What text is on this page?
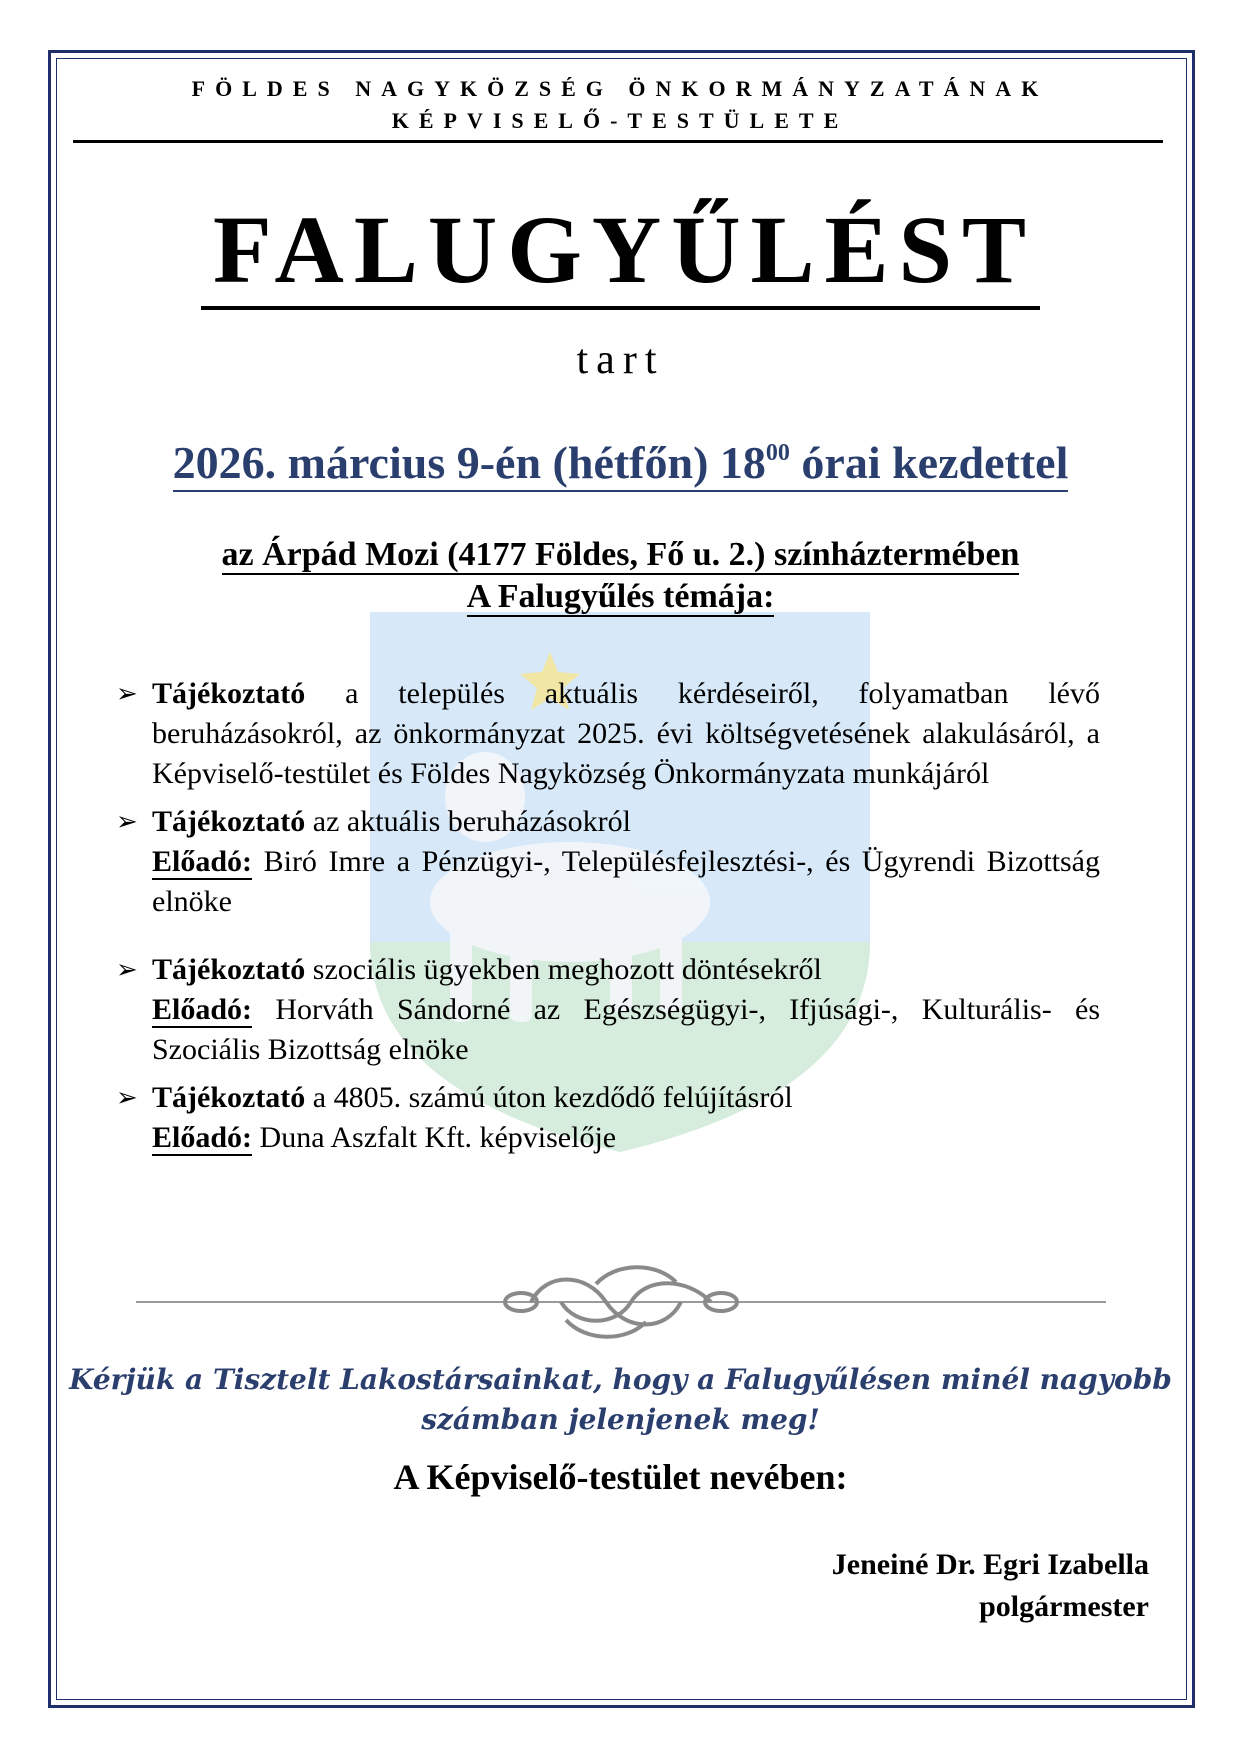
FÖLDES NAGYKÖZSÉG ÖNKORMÁNYZATÁNAK
KÉPVISELŐ-TESTÜLETE
FALUGYŰLÉST
tart
2026. március 9-én (hétfőn) $18^{00}$ órai kezdettel
az Árpád Mozi (4177 Földes, Fő u. 2.) színháztermében
A Falugyűlés témája:
➢ Tájékoztató a település aktuális kérdéseiről, folyamatban lévő beruházásokról, az önkormányzat 2025. évi költségvetésének alakulásáról, a Képviselő-testület és Földes Nagyközség Önkormányzata munkájáról

➢ Tájékoztató az aktuális beruházásokról

Előadó: Biró Imre a Pénzügyi-, Településfejlesztési-, és Ügyrendi Bizottság elnöke

➢ Tájékoztató szociális ügyekben meghozott döntésekről

Előadó: Horváth Sándorné az Egészségügyi-, Ifjúsági-, Kulturális- és Szociális Bizottság elnöke

➢ Tájékoztató a 4805. számú úton kezdődő felújításról

Előadó: Duna Aszfalt Kft. képviselője

Kérjük a Tisztelt Lakostársainkat, hogy a Falugyűlésen minél nagyobb
számban jelenjenek meg!
A Képviselő-testület nevében:
Jeneiné Dr. Egri Izabella
polgármester
